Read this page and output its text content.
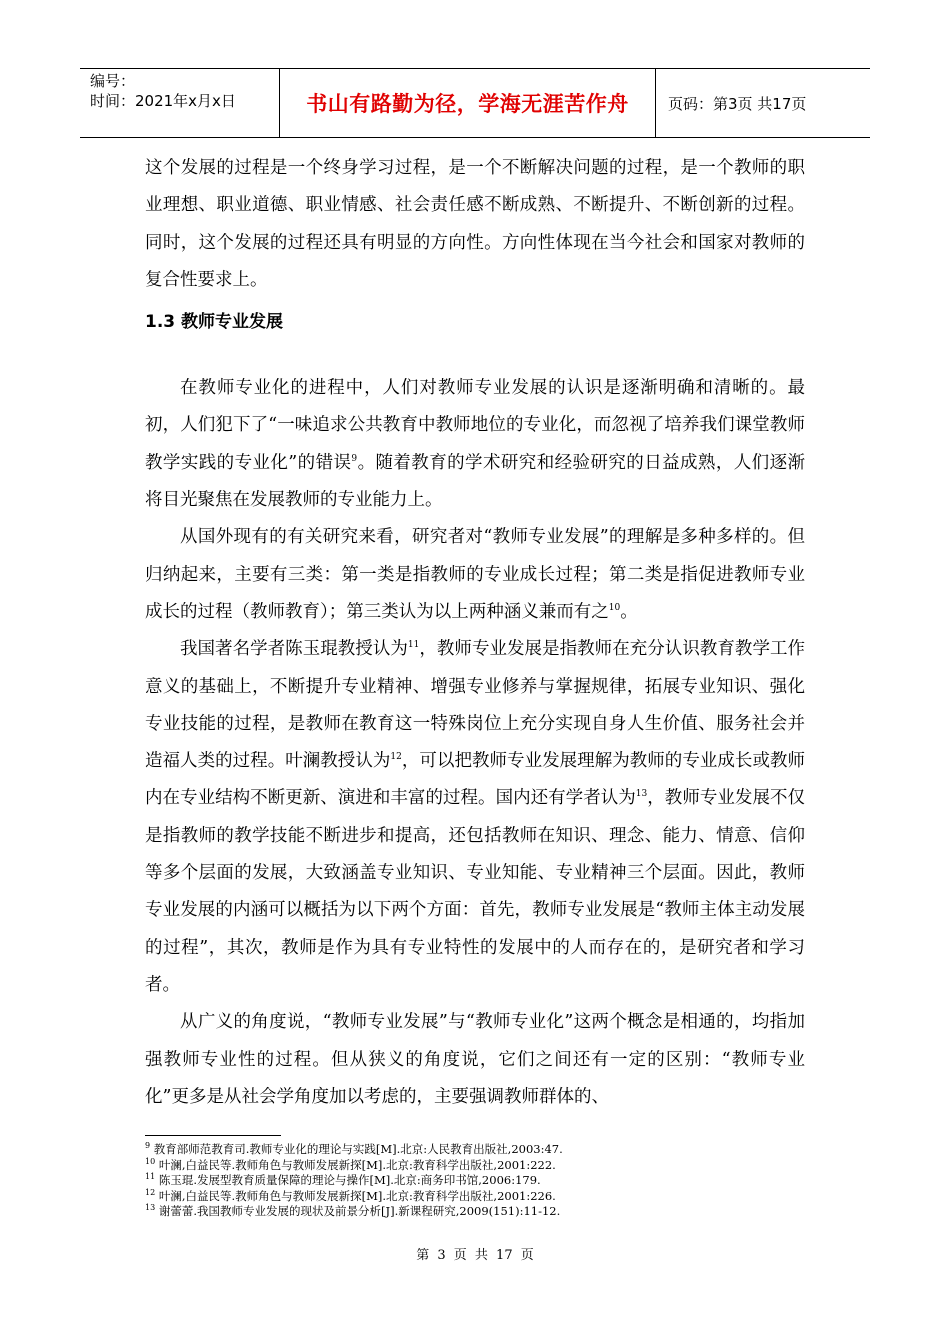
编号：
时间：2021年x月x日	书山有路勤为径，学海无涯苦作舟	页码：第3页 共17页

这个发展的过程是一个终身学习过程，是一个不断解决问题的过程，是一个教师的职业理想、职业道德、职业情感、社会责任感不断成熟、不断提升、不断创新的过程。同时，这个发展的过程还具有明显的方向性。方向性体现在当今社会和国家对教师的复合性要求上。

1.3 教师专业发展

在教师专业化的进程中，人们对教师专业发展的认识是逐渐明确和清晰的。最初，人们犯下了“一味追求公共教育中教师地位的专业化，而忽视了培养我们课堂教师教学实践的专业化”的错误$^9$。随着教育的学术研究和经验研究的日益成熟，人们逐渐将目光聚焦在发展教师的专业能力上。

从国外现有的有关研究来看，研究者对“教师专业发展”的理解是多种多样的。但归纳起来，主要有三类：第一类是指教师的专业成长过程；第二类是指促进教师专业成长的过程（教师教育）；第三类认为以上两种涵义兼而有之$^{10}$。

我国著名学者陈玉琨教授认为$^{11}$，教师专业发展是指教师在充分认识教育教学工作意义的基础上，不断提升专业精神、增强专业修养与掌握规律，拓展专业知识、强化专业技能的过程，是教师在教育这一特殊岗位上充分实现自身人生价值、服务社会并造福人类的过程。叶澜教授认为$^{12}$，可以把教师专业发展理解为教师的专业成长或教师内在专业结构不断更新、演进和丰富的过程。国内还有学者认为$^{13}$，教师专业发展不仅是指教师的教学技能不断进步和提高，还包括教师在知识、理念、能力、情意、信仰等多个层面的发展，大致涵盖专业知识、专业知能、专业精神三个层面。因此，教师专业发展的内涵可以概括为以下两个方面：首先，教师专业发展是“教师主体主动发展的过程”，其次，教师是作为具有专业特性的发展中的人而存在的，是研究者和学习者。

从广义的角度说，“教师专业发展”与“教师专业化”这两个概念是相通的，均指加强教师专业性的过程。但从狭义的角度说，它们之间还有一定的区别：“教师专业化”更多是从社会学角度加以考虑的，主要强调教师群体的、

$^9$ 教育部师范教育司.教师专业化的理论与实践[M].北京:人民教育出版社,2003:47.
$^{10}$ 叶澜,白益民等.教师角色与教师发展新探[M].北京:教育科学出版社,2001:222.
$^{11}$ 陈玉琨.发展型教育质量保障的理论与操作[M].北京:商务印书馆,2006:179.
$^{12}$ 叶澜,白益民等.教师角色与教师发展新探[M].北京:教育科学出版社,2001:226.
$^{13}$ 谢蕾蕾.我国教师专业发展的现状及前景分析[J].新课程研究,2009(151):11-12.
第 3 页 共 17 页
